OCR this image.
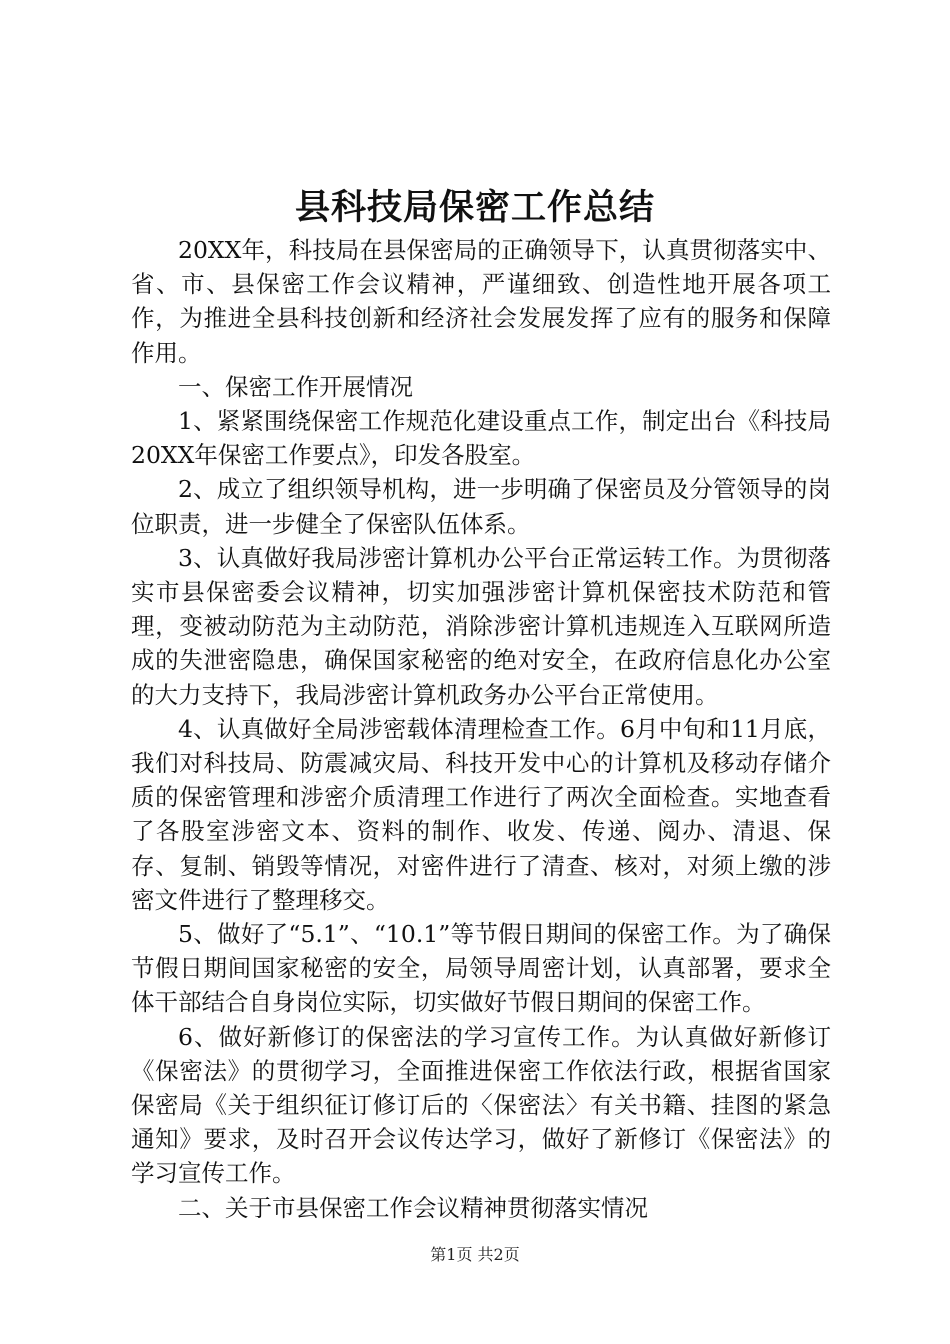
县科技局保密工作总结

20XX年，科技局在县保密局的正确领导下，认真贯彻落实中、省、市、县保密工作会议精神，严谨细致、创造性地开展各项工作，为推进全县科技创新和经济社会发展发挥了应有的服务和保障作用。

一、保密工作开展情况

1、紧紧围绕保密工作规范化建设重点工作，制定出台《科技局20XX年保密工作要点》，印发各股室。

2、成立了组织领导机构，进一步明确了保密员及分管领导的岗位职责，进一步健全了保密队伍体系。

3、认真做好我局涉密计算机办公平台正常运转工作。为贯彻落实市县保密委会议精神，切实加强涉密计算机保密技术防范和管理，变被动防范为主动防范，消除涉密计算机违规连入互联网所造成的失泄密隐患，确保国家秘密的绝对安全，在政府信息化办公室的大力支持下，我局涉密计算机政务办公平台正常使用。

4、认真做好全局涉密载体清理检查工作。6月中旬和11月底，我们对科技局、防震减灾局、科技开发中心的计算机及移动存储介质的保密管理和涉密介质清理工作进行了两次全面检查。实地查看了各股室涉密文本、资料的制作、收发、传递、阅办、清退、保存、复制、销毁等情况，对密件进行了清查、核对，对须上缴的涉密文件进行了整理移交。

5、做好了“5.1”、“10.1”等节假日期间的保密工作。为了确保节假日期间国家秘密的安全，局领导周密计划，认真部署，要求全体干部结合自身岗位实际，切实做好节假日期间的保密工作。

6、做好新修订的保密法的学习宣传工作。为认真做好新修订《保密法》的贯彻学习，全面推进保密工作依法行政，根据省国家保密局《关于组织征订修订后的〈保密法〉有关书籍、挂图的紧急通知》要求，及时召开会议传达学习，做好了新修订《保密法》的学习宣传工作。

二、关于市县保密工作会议精神贯彻落实情况

第1页 共2页
